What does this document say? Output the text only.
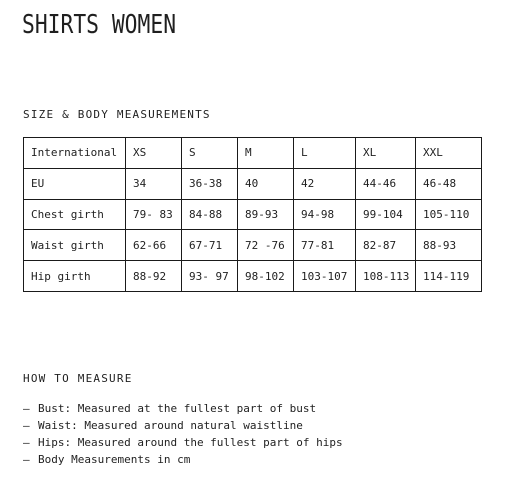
SHIRTS WOMEN
SIZE & BODY MEASUREMENTS
International	XS	S	M	L	XL	XXL
EU	34	36-38	40	42	44-46	46-48
Chest girth	79- 83	84-88	89-93	94-98	99-104	105-110
Waist girth	62-66	67-71	72 -76	77-81	82-87	88-93
Hip girth	88-92	93- 97	98-102	103-107	108-113	114-119
HOW TO MEASURE
— Bust: Measured at the fullest part of bust
— Waist: Measured around natural waistline
— Hips: Measured around the fullest part of hips
— Body Measurements in cm
